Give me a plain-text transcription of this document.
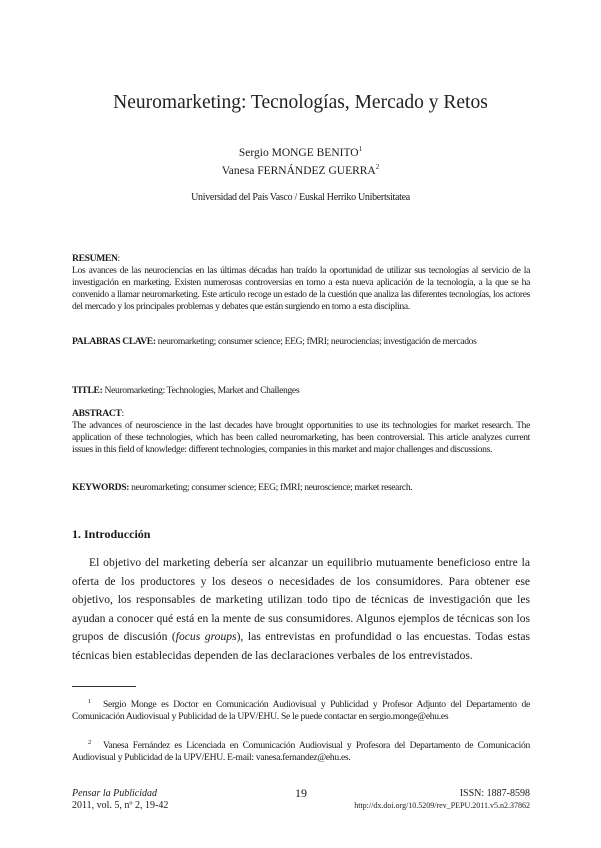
Neuromarketing: Tecnologías, Mercado y Retos
Sergio MONGE BENITO$^1$
Vanesa FERNÁNDEZ GUERRA$^2$
Universidad del País Vasco / Euskal Herriko Unibertsitatea
RESUMEN:
Los avances de las neurociencias en las últimas décadas han traído la oportunidad de utilizar sus tecnologías al servicio de la investigación en marketing. Existen numerosas controversias en torno a esta nueva aplicación de la tecnología, a la que se ha convenido a llamar neuromarketing. Este artículo recoge un estado de la cuestión que analiza las diferentes tecnologías, los actores del mercado y los principales problemas y debates que están surgiendo en torno a esta disciplina.
PALABRAS CLAVE: neuromarketing; consumer science; EEG; fMRI; neurociencias; investigación de mercados
TITLE: Neuromarketing: Technologies, Market and Challenges
ABSTRACT:
The advances of neuroscience in the last decades have brought opportunities to use its technologies for market research. The application of these technologies, which has been called neuromarketing, has been controversial. This article analyzes current issues in this field of knowledge: different technologies, companies in this market and major challenges and discussions.
KEYWORDS: neuromarketing; consumer science; EEG; fMRI; neuroscience; market research.
1. Introducción
El objetivo del marketing debería ser alcanzar un equilibrio mutuamente beneficioso entre la oferta de los productores y los deseos o necesidades de los consumidores. Para obtener ese objetivo, los responsables de marketing utilizan todo tipo de técnicas de investigación que les ayudan a conocer qué está en la mente de sus consumidores. Algunos ejemplos de técnicas son los grupos de discusión (focus groups), las entrevistas en profundidad o las encuestas. Todas estas técnicas bien establecidas dependen de las declaraciones verbales de los entrevistados.
$^1$ Sergio Monge es Doctor en Comunicación Audiovisual y Publicidad y Profesor Adjunto del Departamento de Comunicación Audiovisual y Publicidad de la UPV/EHU. Se le puede contactar en sergio.monge@ehu.es
$^2$ Vanesa Fernández es Licenciada en Comunicación Audiovisual y Profesora del Departamento de Comunicación Audiovisual y Publicidad de la UPV/EHU. E-mail: vanesa.fernandez@ehu.es.
Pensar la Publicidad
2011, vol. 5, nº 2, 19-42
19	ISSN: 1887-8598
http://dx.doi.org/10.5209/rev_PEPU.2011.v5.n2.37862
